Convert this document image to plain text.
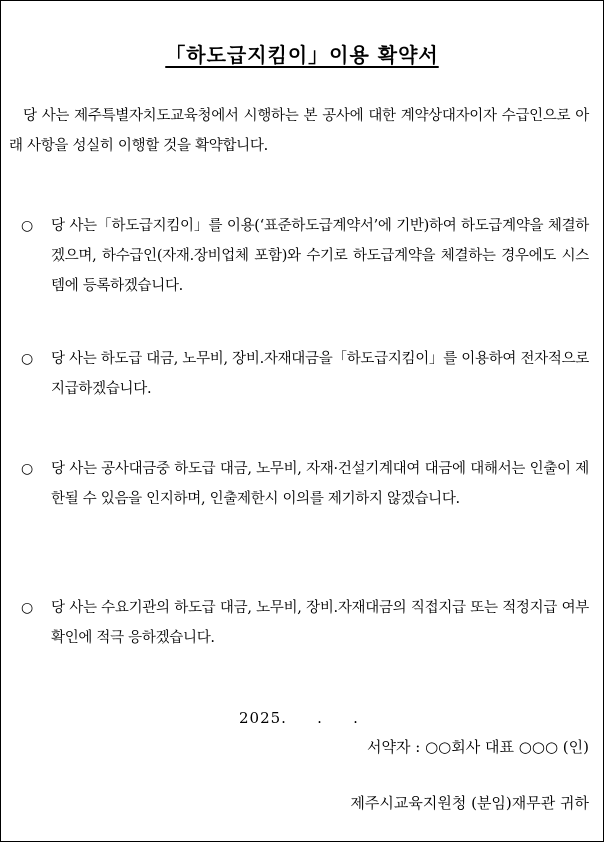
「하도급지킴이」이용 확약서
당 사는 제주특별자치도교육청에서 시행하는 본 공사에 대한 계약상대자이자 수급인으로 아래 사항을 성실히 이행할 것을 확약합니다.
○	당 사는「하도급지킴이」를 이용(‘표준하도급계약서’에 기반)하여 하도급계약을 체결하겠으며, 하수급인(자재.장비업체 포함)와 수기로 하도급계약을 체결하는 경우에도 시스템에 등록하겠습니다.
○	당 사는 하도급 대금, 노무비, 장비.자재대금을「하도급지킴이」를 이용하여 전자적으로 지급하겠습니다.
○	당 사는 공사대금중 하도급 대금, 노무비, 자재·건설기계대여 대금에 대해서는 인출이 제한될 수 있음을 인지하며, 인출제한시 이의를 제기하지 않겠습니다.
○	당 사는 수요기관의 하도급 대금, 노무비, 장비.자재대금의 직접지급 또는 적정지급 여부 확인에 적극 응하겠습니다.
2025. . .
서약자 : ○○회사 대표 ○○○ (인)
제주시교육지원청 (분임)재무관 귀하
